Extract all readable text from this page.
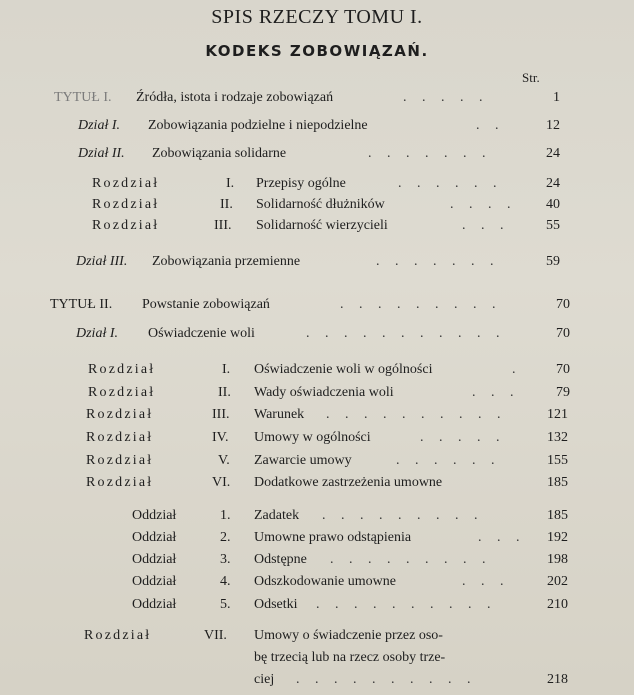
SPIS RZECZY TOMU I.
KODEKS ZOBOWIĄZAŃ.
Str.
TYTUŁ I. Źródła, istota i rodzaje zobowiązań	. . . . .	1
Dział I. Zobowiązania podzielne i niepodzielne	. .	12
Dział II. Zobowiązania solidarne	. . . . . . .	24
Rozdział	I. Przepisy ogólne	. . . . . .	24
Rozdział	II. Solidarność dłużników	. . . .	40
Rozdział	III. Solidarność wierzycieli	. . .	55
Dział III. Zobowiązania przemienne	. . . . . . .	59
TYTUŁ II. Powstanie zobowiązań	. . . . . . . . .	70
Dział I. Oświadczenie woli	. . . . . . . . . . .	70
Rozdział	I. Oświadczenie woli w ogólności	.	70
Rozdział	II. Wady oświadczenia woli	. . .	79
Rozdział	III. Warunek . . . . . . . . . .	121
Rozdział	IV. Umowy w ogólności	. . . . .	132
Rozdział	V. Zawarcie umowy	. . . . . .	155
Rozdział	VI. Dodatkowe zastrzeżenia umowne	185
Oddział	1. Zadatek . . . . . . . . .	185
Oddział	2. Umowne prawo odstąpienia	. . .	192
Oddział	3. Odstępne . . . . . . . . .	198
Oddział	4. Odszkodowanie umowne	. . .	202
Oddział	5. Odsetki . . . . . . . . . .	210
Rozdział	VII. Umowy o świadczenie przez oso-
bę trzecią lub na rzecz osoby trze-
ciej . . . . . . . . . .	218
